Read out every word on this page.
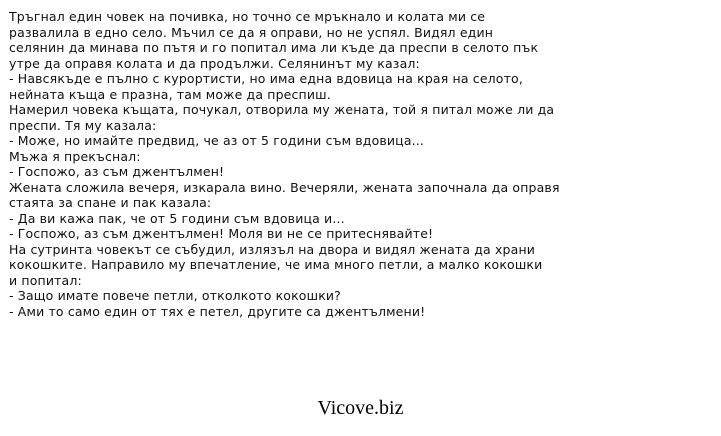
Тръгнал един човек на почивка, но точно се мръкнало и колата ми се
развалила в едно село. Мъчил се да я оправи, но не успял. Видял един
селянин да минава по пътя и го попитал има ли къде да преспи в селото пък
утре да оправя колата и да продължи. Селянинът му казал:
- Навсякъде е пълно с курортисти, но има една вдовица на края на селото,
нейната къща е празна, там може да преспиш.
Намерил човека къщата, почукал, отворила му жената, той я питал може ли да
преспи. Тя му казала:
- Може, но имайте предвид, че аз от 5 години съм вдовица...
Мъжа я прекъснал:
- Госпожо, аз съм джентълмен!
Жената сложила вечеря, изкарала вино. Вечеряли, жената започнала да оправя
стаята за спане и пак казала:
- Да ви кажа пак, че от 5 години съм вдовица и...
- Госпожо, аз съм джентълмен! Моля ви не се притеснявайте!
На сутринта човекът се събудил, излязъл на двора и видял жената да храни
кокошките. Направило му впечатление, че има много петли, а малко кокошки
и попитал:
- Защо имате повече петли, отколкото кокошки?
- Ами то само един от тях е петел, другите са джентълмени!
Vicove.biz
